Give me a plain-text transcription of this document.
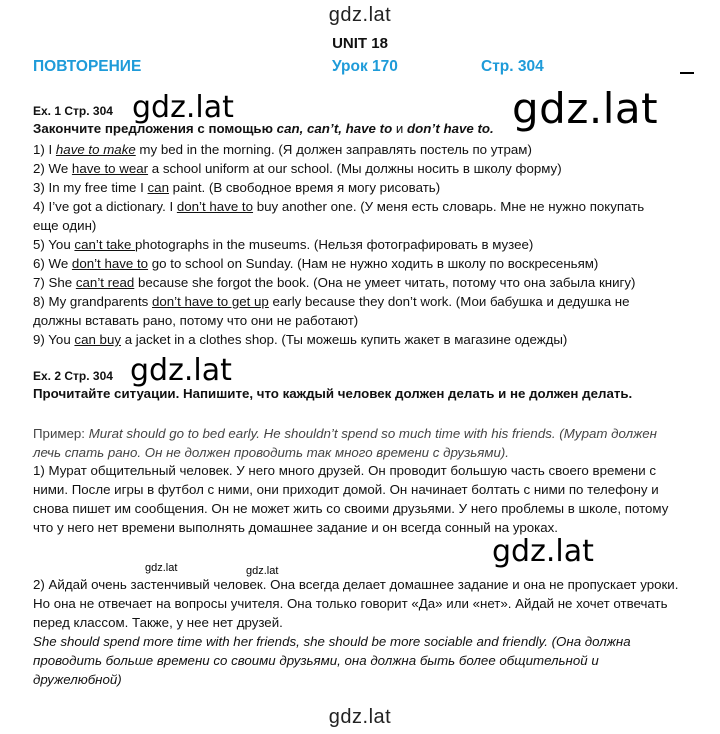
gdz.lat
UNIT 18
ПОВТОРЕНИЕ	Урок 170	Стр. 304
Ex. 1 Стр. 304 gdz.lat	gdz.lat
Закончите предложения с помощью can, can’t, have to и don’t have to.
1) I have to make my bed in the morning. (Я должен заправлять постель по утрам)
2) We have to wear a school uniform at our school. (Мы должны носить в школу форму)
3) In my free time I can paint. (В свободное время я могу рисовать)
4) I’ve got a dictionary. I don’t have to buy another one. (У меня есть словарь. Мне не нужно покупать
еще один)
5) You can’t take photographs in the museums. (Нельзя фотографировать в музее)
6) We don’t have to go to school on Sunday. (Нам не нужно ходить в школу по воскресеньям)
7) She can’t read because she forgot the book. (Она не умеет читать, потому что она забыла книгу)
8) My grandparents don’t have to get up early because they don’t work. (Мои бабушка и дедушка не
должны вставать рано, потому что они не работают)
9) You can buy a jacket in a clothes shop. (Ты можешь купить жакет в магазине одежды)
Ex. 2 Стр. 304 gdz.lat
Прочитайте ситуации. Напишите, что каждый человек должен делать и не должен делать.
Пример: Murat should go to bed early. He shouldn’t spend so much time with his friends. (Мурат должен лечь спать рано. Он не должен проводить так много времени с друзьями).
1) Мурат общительный человек. У него много друзей. Он проводит большую часть своего времени с ними. После игры в футбол с ними, они приходит домой. Он начинает болтать с ними по телефону и снова пишет им сообщения. Он не может жить со своими друзьями. У него проблемы в школе, потому что у него нет времени выполнять домашнее задание и он всегда сонный на уроках.
gdz.lat
gdz.lat	gdz.lat
2) Айдай очень застенчивый человек. Она всегда делает домашнее задание и она не пропускает уроки. Но она не отвечает на вопросы учителя. Она только говорит «Да» или «нет». Айдай не хочет отвечать перед классом. Также, у нее нет друзей.
She should spend more time with her friends, she should be more sociable and friendly. (Она должна проводить больше времени со своими друзьями, она должна быть более общительной и дружелюбной)
gdz.lat
